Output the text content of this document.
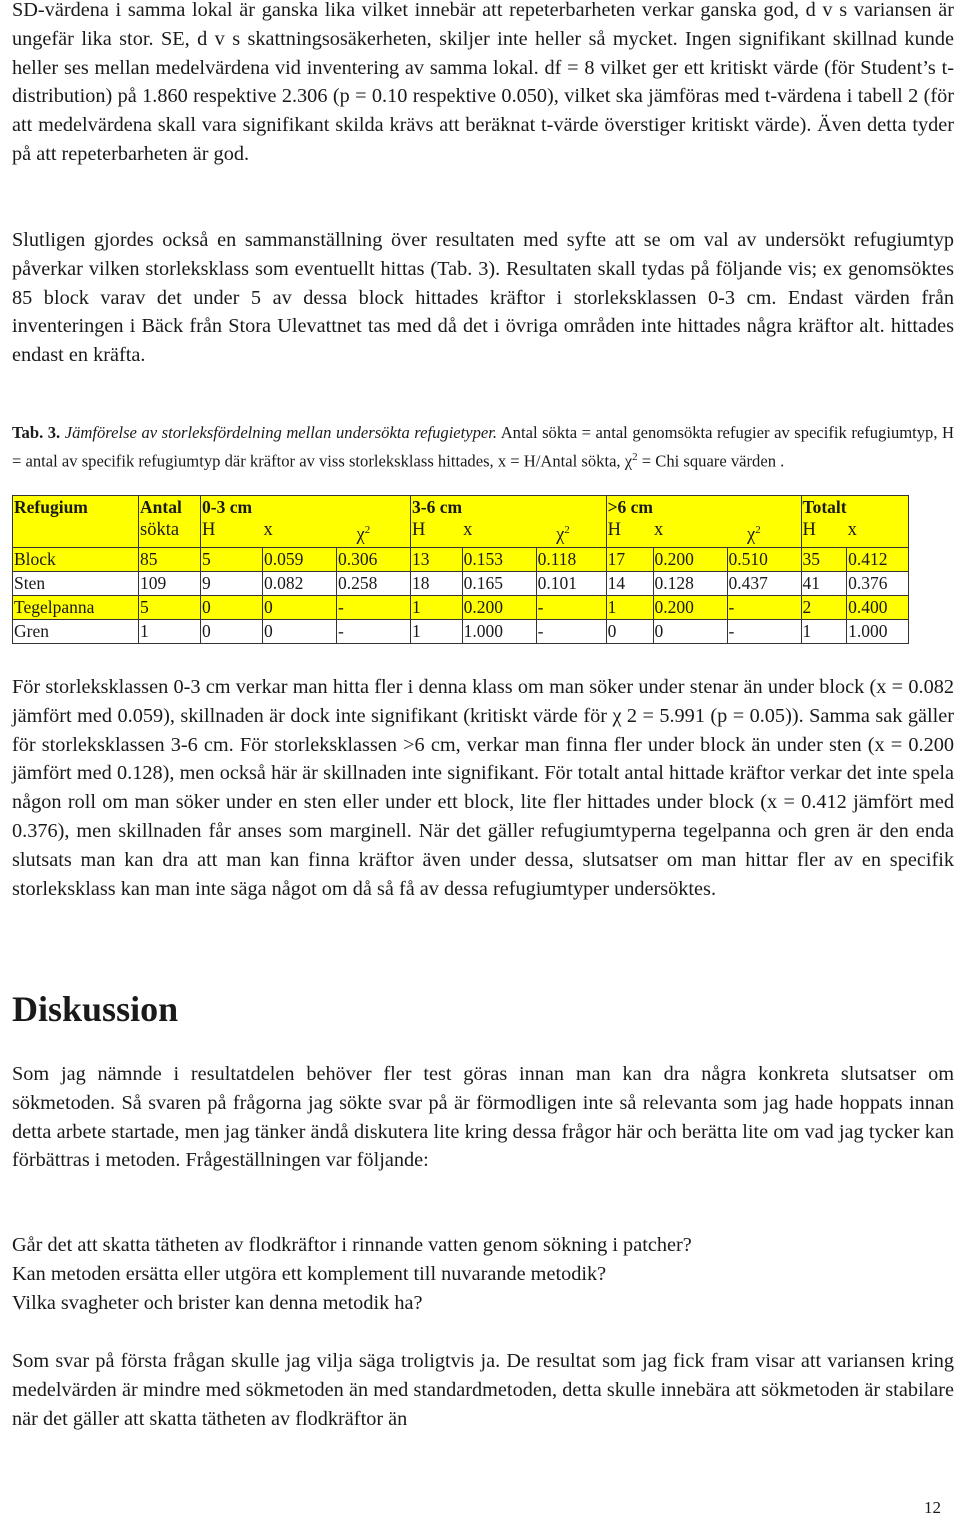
SD-värdena i samma lokal är ganska lika vilket innebär att repeterbarheten verkar ganska god, d v s variansen är ungefär lika stor. SE, d v s skattningsosäkerheten, skiljer inte heller så mycket. Ingen signifikant skillnad kunde heller ses mellan medelvärdena vid inventering av samma lokal. df = 8 vilket ger ett kritiskt värde (för Student’s t-distribution) på 1.860 respektive 2.306 (p = 0.10 respektive 0.050), vilket ska jämföras med t-värdena i tabell 2 (för att medelvärdena skall vara signifikant skilda krävs att beräknat t-värde överstiger kritiskt värde). Även detta tyder på att repeterbarheten är god.

Slutligen gjordes också en sammanställning över resultaten med syfte att se om val av undersökt refugiumtyp påverkar vilken storleksklass som eventuellt hittas (Tab. 3). Resultaten skall tydas på följande vis; ex genomsöktes 85 block varav det under 5 av dessa block hittades kräftor i storleksklassen 0-3 cm. Endast värden från inventeringen i Bäck från Stora Ulevattnet tas med då det i övriga områden inte hittades några kräftor alt. hittades endast en kräfta.

Tab. 3. Jämförelse av storleksfördelning mellan undersökta refugietyper. Antal sökta = antal genomsökta refugier av specifik refugiumtyp, H = antal av specifik refugiumtyp där kräftor av viss storleksklass hittades, x = H/Antal sökta, $\chi^2$ = Chi square värden .

Refugium	Antal	0-3 cm			3-6 cm			>6 cm			Totalt	
	sökta	H	x	$\chi^2$	H	x	$\chi^2$	H	x	$\chi^2$	H	x
Block	85	5	0.059	0.306	13	0.153	0.118	17	0.200	0.510	35	0.412
Sten	109	9	0.082	0.258	18	0.165	0.101	14	0.128	0.437	41	0.376
Tegelpanna	5	0	0	-	1	0.200	-	1	0.200	-	2	0.400
Gren	1	0	0	-	1	1.000	-	0	0	-	1	1.000

För storleksklassen 0-3 cm verkar man hitta fler i denna klass om man söker under stenar än under block (x = 0.082 jämfört med 0.059), skillnaden är dock inte signifikant (kritiskt värde för χ 2 = 5.991 (p = 0.05)). Samma sak gäller för storleksklassen 3-6 cm. För storleksklassen >6 cm, verkar man finna fler under block än under sten (x = 0.200 jämfört med 0.128), men också här är skillnaden inte signifikant. För totalt antal hittade kräftor verkar det inte spela någon roll om man söker under en sten eller under ett block, lite fler hittades under block (x = 0.412 jämfört med 0.376), men skillnaden får anses som marginell. När det gäller refugiumtyperna tegelpanna och gren är den enda slutsats man kan dra att man kan finna kräftor även under dessa, slutsatser om man hittar fler av en specifik storleksklass kan man inte säga något om då så få av dessa refugiumtyper undersöktes.

Diskussion

Som jag nämnde i resultatdelen behöver fler test göras innan man kan dra några konkreta slutsatser om sökmetoden. Så svaren på frågorna jag sökte svar på är förmodligen inte så relevanta som jag hade hoppats innan detta arbete startade, men jag tänker ändå diskutera lite kring dessa frågor här och berätta lite om vad jag tycker kan förbättras i metoden. Frågeställningen var följande:

Går det att skatta tätheten av flodkräftor i rinnande vatten genom sökning i patcher?
Kan metoden ersätta eller utgöra ett komplement till nuvarande metodik?
Vilka svagheter och brister kan denna metodik ha?

Som svar på första frågan skulle jag vilja säga troligtvis ja. De resultat som jag fick fram visar att variansen kring medelvärden är mindre med sökmetoden än med standardmetoden, detta skulle innebära att sökmetoden är stabilare när det gäller att skatta tätheten av flodkräftor än

12
